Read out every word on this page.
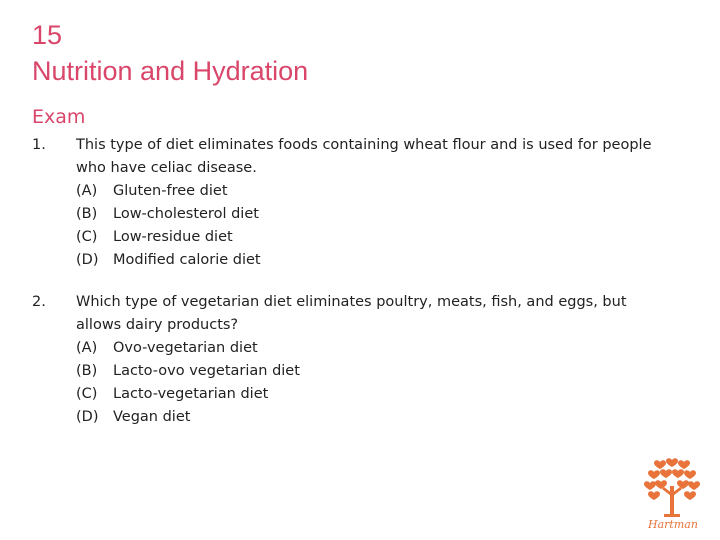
15
Nutrition and Hydration
Exam
1.	This type of diet eliminates foods containing wheat flour and is used for people who have celiac disease.
(A)	Gluten-free diet
(B)	Low-cholesterol diet
(C)	Low-residue diet
(D)	Modified calorie diet
2.	Which type of vegetarian diet eliminates poultry, meats, fish, and eggs, but allows dairy products?
(A)	Ovo-vegetarian diet
(B)	Lacto-ovo vegetarian diet
(C)	Lacto-vegetarian diet
(D)	Vegan diet
Hartman
